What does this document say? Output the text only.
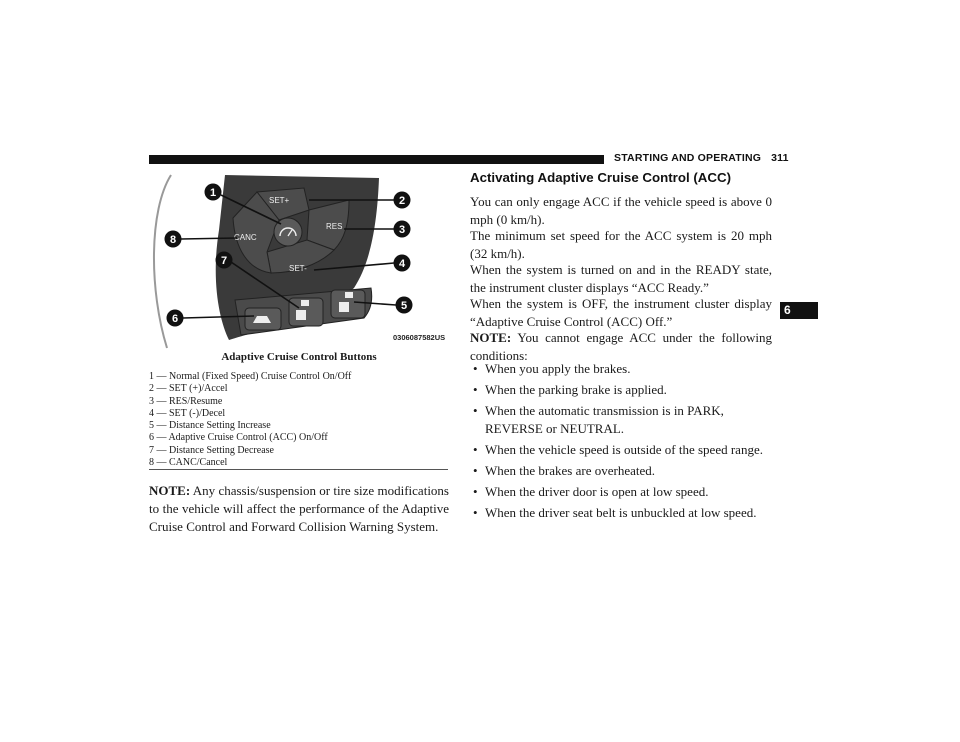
STARTING AND OPERATING 311
6
SET+
RES
CANC
SET-
1
2
3
4
5
6
7
8
0306087582US
Adaptive Cruise Control Buttons
1 — Normal (Fixed Speed) Cruise Control On/Off
2 — SET (+)/Accel
3 — RES/Resume
4 — SET (-)/Decel
5 — Distance Setting Increase
6 — Adaptive Cruise Control (ACC) On/Off
7 — Distance Setting Decrease
8 — CANC/Cancel

NOTE: Any chassis/suspension or tire size modifications to the vehicle will affect the performance of the Adaptive Cruise Control and Forward Collision Warning System.

Activating Adaptive Cruise Control (ACC)

You can only engage ACC if the vehicle speed is above 0 mph (0 km/h).

The minimum set speed for the ACC system is 20 mph (32 km/h).

When the system is turned on and in the READY state, the instrument cluster displays “ACC Ready.”

When the system is OFF, the instrument cluster display “Adaptive Cruise Control (ACC) Off.”

NOTE: You cannot engage ACC under the following conditions:

• When you apply the brakes.
• When the parking brake is applied.
• When the automatic transmission is in PARK, REVERSE or NEUTRAL.
• When the vehicle speed is outside of the speed range.
• When the brakes are overheated.
• When the driver door is open at low speed.
• When the driver seat belt is unbuckled at low speed.
